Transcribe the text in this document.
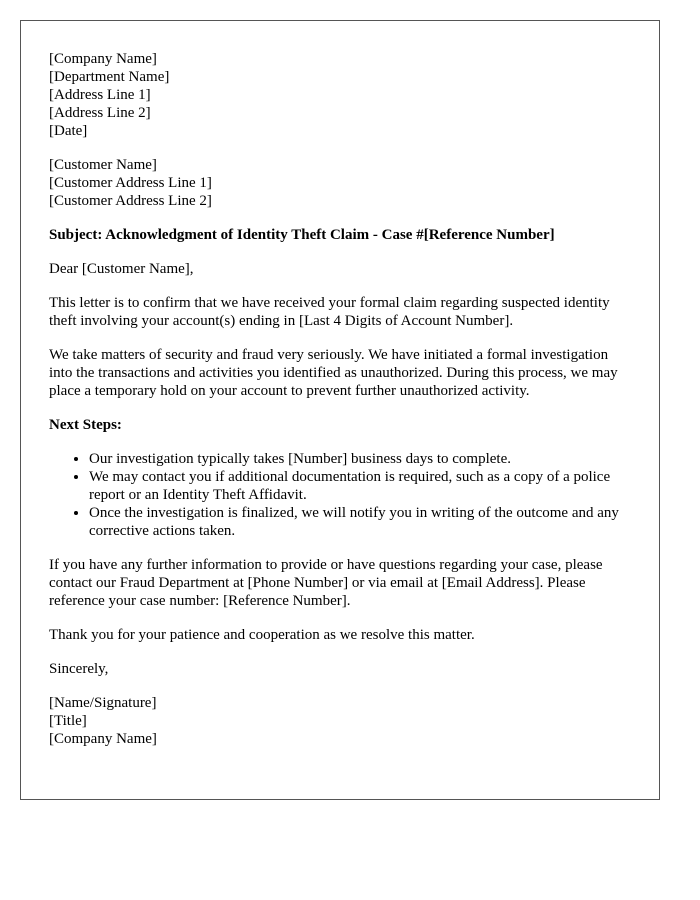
[Company Name]
[Department Name]
[Address Line 1]
[Address Line 2]
[Date]
[Customer Name]
[Customer Address Line 1]
[Customer Address Line 2]

Subject: Acknowledgment of Identity Theft Claim - Case #[Reference Number]

Dear [Customer Name],

This letter is to confirm that we have received your formal claim regarding suspected identity theft involving your account(s) ending in [Last 4 Digits of Account Number].

We take matters of security and fraud very seriously. We have initiated a formal investigation into the transactions and activities you identified as unauthorized. During this process, we may place a temporary hold on your account to prevent further unauthorized activity.

Next Steps:

• Our investigation typically takes [Number] business days to complete.
• We may contact you if additional documentation is required, such as a copy of a police report or an Identity Theft Affidavit.
• Once the investigation is finalized, we will notify you in writing of the outcome and any corrective actions taken.

If you have any further information to provide or have questions regarding your case, please contact our Fraud Department at [Phone Number] or via email at [Email Address]. Please reference your case number: [Reference Number].

Thank you for your patience and cooperation as we resolve this matter.

Sincerely,

[Name/Signature]
[Title]
[Company Name]
